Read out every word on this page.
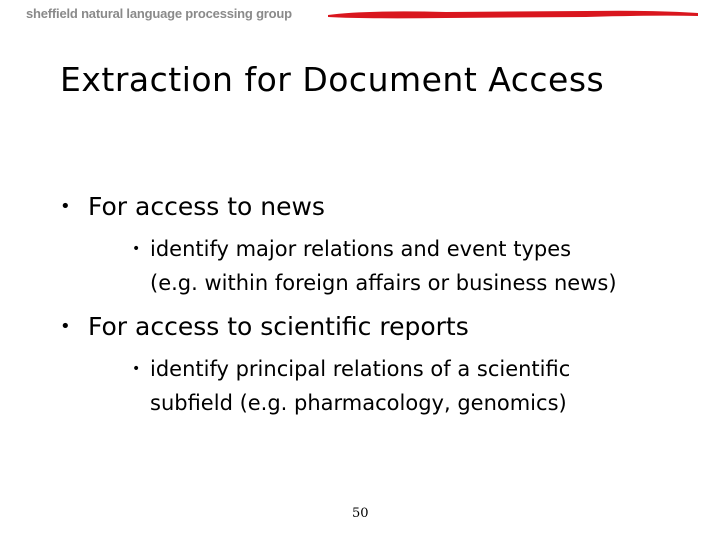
sheffield natural language processing group
Extraction for Document Access
• For access to news
• identify major relations and event types
(e.g. within foreign affairs or business news)
• For access to scientific reports
• identify principal relations of a scientific
subfield (e.g. pharmacology, genomics)
50
